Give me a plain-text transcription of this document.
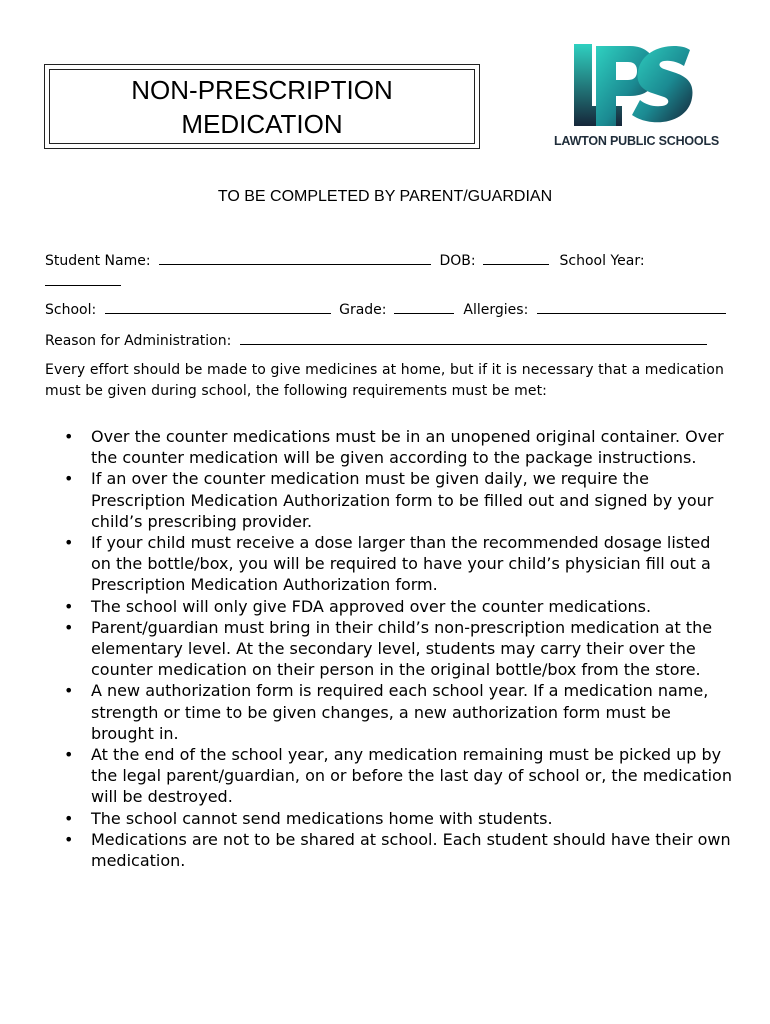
NON-PRESCRIPTION
MEDICATION
LAWTON PUBLIC SCHOOLS
TO BE COMPLETED BY PARENT/GUARDIAN
Student Name:	DOB:	School Year:
School:	Grade:	Allergies:
Reason for Administration:

Every effort should be made to give medicines at home, but if it is necessary that a medication must be given during school, the following requirements must be met:

• Over the counter medications must be in an unopened original container. Over the counter medication will be given according to the package instructions.
• If an over the counter medication must be given daily, we require the Prescription Medication Authorization form to be filled out and signed by your child’s prescribing provider.
• If your child must receive a dose larger than the recommended dosage listed on the bottle/box, you will be required to have your child’s physician fill out a Prescription Medication Authorization form.
• The school will only give FDA approved over the counter medications.
• Parent/guardian must bring in their child’s non-prescription medication at the elementary level. At the secondary level, students may carry their over the counter medication on their person in the original bottle/box from the store.
• A new authorization form is required each school year. If a medication name, strength or time to be given changes, a new authorization form must be brought in.
• At the end of the school year, any medication remaining must be picked up by the legal parent/guardian, on or before the last day of school or, the medication will be destroyed.
• The school cannot send medications home with students.
• Medications are not to be shared at school. Each student should have their own medication.
